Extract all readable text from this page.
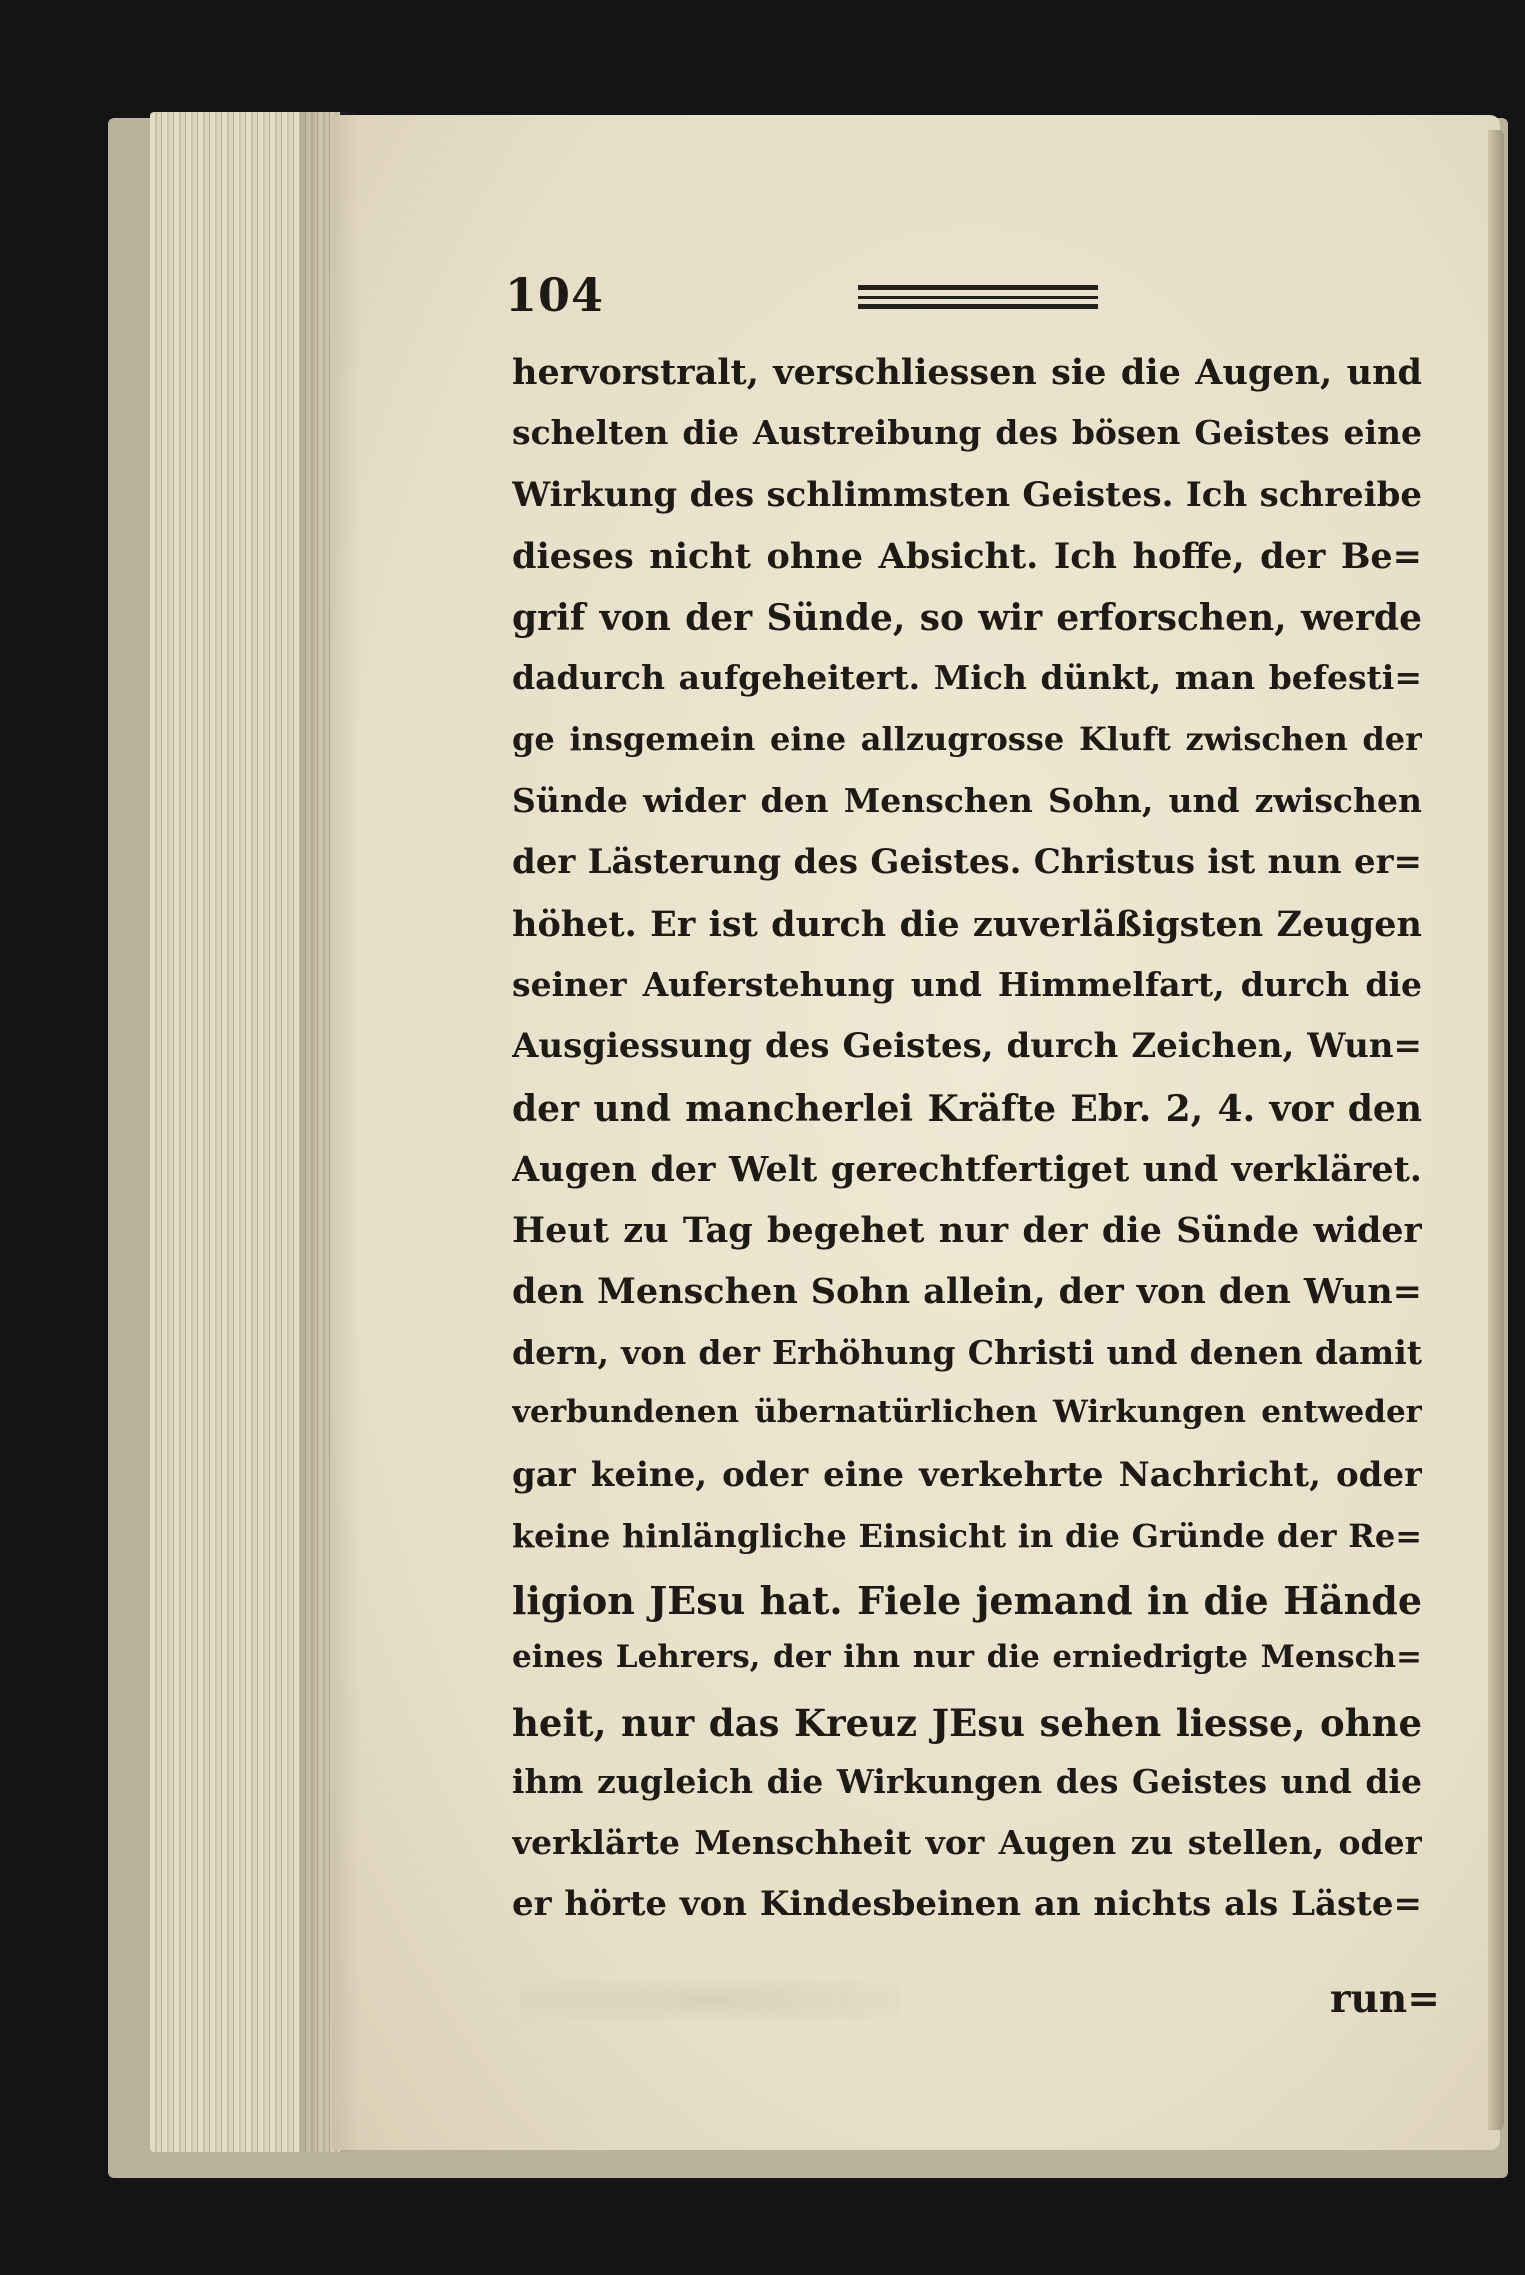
104
hervorstralt, verschliessen sie die Augen, und
schelten die Austreibung des bösen Geistes eine
Wirkung des schlimmsten Geistes. Ich schreibe
dieses nicht ohne Absicht. Ich hoffe, der Be=
grif von der Sünde, so wir erforschen, werde
dadurch aufgeheitert. Mich dünkt, man befesti=
ge insgemein eine allzugrosse Kluft zwischen der
Sünde wider den Menschen Sohn, und zwischen
der Lästerung des Geistes. Christus ist nun er=
höhet. Er ist durch die zuverläßigsten Zeugen
seiner Auferstehung und Himmelfart, durch die
Ausgiessung des Geistes, durch Zeichen, Wun=
der und mancherlei Kräfte Ebr. 2, 4. vor den
Augen der Welt gerechtfertiget und verkläret.
Heut zu Tag begehet nur der die Sünde wider
den Menschen Sohn allein, der von den Wun=
dern, von der Erhöhung Christi und denen damit
verbundenen übernatürlichen Wirkungen entweder
gar keine, oder eine verkehrte Nachricht, oder
keine hinlängliche Einsicht in die Gründe der Re=
ligion JEsu hat. Fiele jemand in die Hände
eines Lehrers, der ihn nur die erniedrigte Mensch=
heit, nur das Kreuz JEsu sehen liesse, ohne
ihm zugleich die Wirkungen des Geistes und die
verklärte Menschheit vor Augen zu stellen, oder
er hörte von Kindesbeinen an nichts als Läste=
run=
